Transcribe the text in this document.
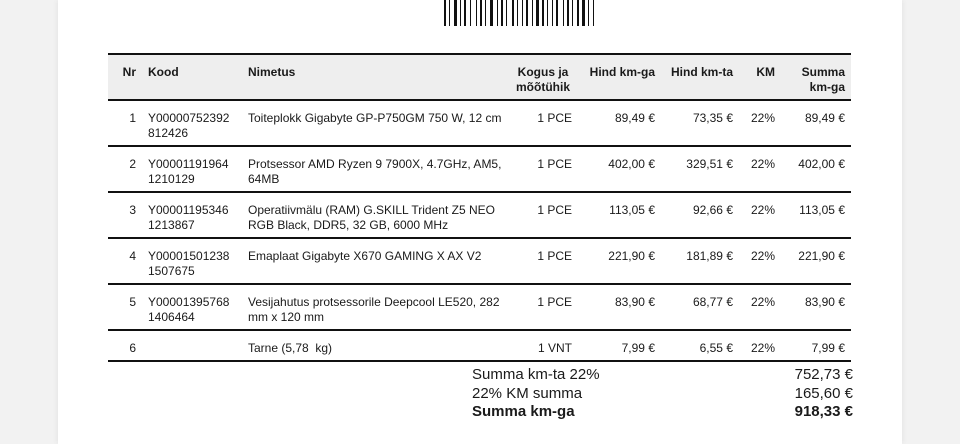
Nr	Kood	Nimetus	Kogus ja mõõtühik	Hind km-ga	Hind km-ta	KM	Summa km-ga
1	Y00000752392 812426	Toiteplokk Gigabyte GP-P750GM 750 W, 12 cm	1 PCE	89,49 €	73,35 €	22%	89,49 €
2	Y00001191964 1210129	Protsessor AMD Ryzen 9 7900X, 4.7GHz, AM5, 64MB	1 PCE	402,00 €	329,51 €	22%	402,00 €
3	Y00001195346 1213867	Operatiivmälu (RAM) G.SKILL Trident Z5 NEO RGB Black, DDR5, 32 GB, 6000 MHz	1 PCE	113,05 €	92,66 €	22%	113,05 €
4	Y00001501238 1507675	Emaplaat Gigabyte X670 GAMING X AX V2	1 PCE	221,90 €	181,89 €	22%	221,90 €
5	Y00001395768 1406464	Vesijahutus protsessorile Deepcool LE520, 282 mm x 120 mm	1 PCE	83,90 €	68,77 €	22%	83,90 €
6		Tarne (5,78  kg)	1 VNT	7,99 €	6,55 €	22%	7,99 €
Summa km-ta 22%	752,73 €
22% KM summa	165,60 €
Summa km-ga	918,33 €
